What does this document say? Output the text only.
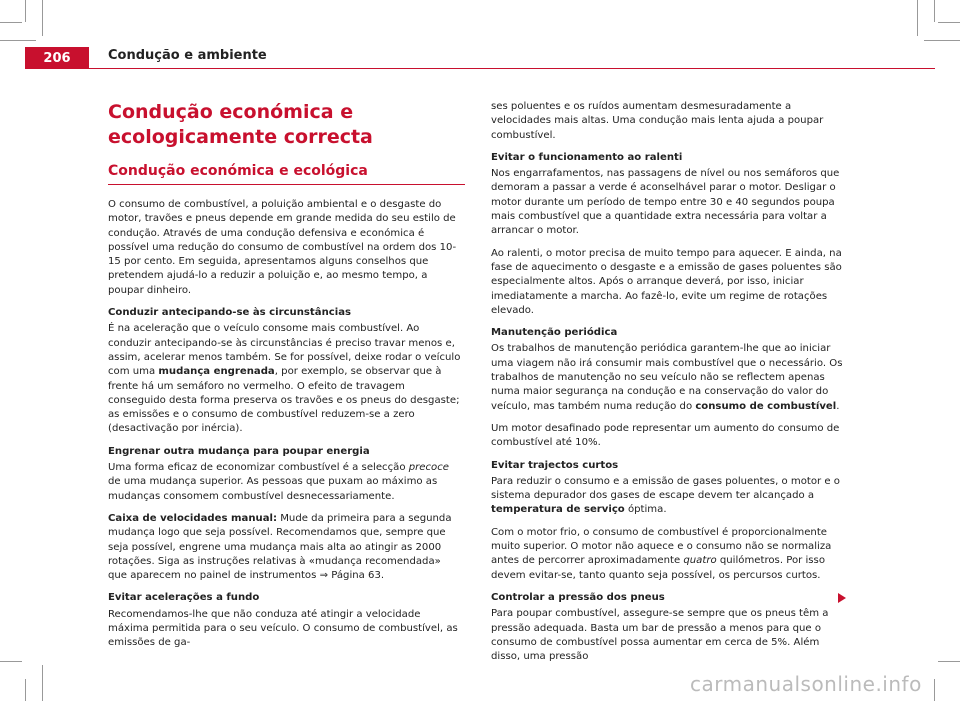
206	Condução e ambiente
Condução económica e ecologicamente correcta
Condução económica e ecológica

O consumo de combustível, a poluição ambiental e o desgaste do motor, travões e pneus depende em grande medida do seu estilo de condução. Através de uma condução defensiva e económica é possível uma redução do consumo de combustível na ordem dos 10-15 por cento. Em seguida, apresentamos alguns conselhos que pretendem ajudá-lo a reduzir a poluição e, ao mesmo tempo, a poupar dinheiro.

Conduzir antecipando-se às circunstâncias

É na aceleração que o veículo consome mais combustível. Ao conduzir antecipando-se às circunstâncias é preciso travar menos e, assim, acelerar menos também. Se for possível, deixe rodar o veículo com uma mudança engrenada, por exemplo, se observar que à frente há um semáforo no vermelho. O efeito de travagem conseguido desta forma preserva os travões e os pneus do desgaste; as emissões e o consumo de combustível reduzem-se a zero (desactivação por inércia).

Engrenar outra mudança para poupar energia

Uma forma eficaz de economizar combustível é a selecção precoce de uma mudança superior. As pessoas que puxam ao máximo as mudanças consomem combustível desnecessariamente.

Caixa de velocidades manual: Mude da primeira para a segunda mudança logo que seja possível. Recomendamos que, sempre que seja possível, engrene uma mudança mais alta ao atingir as 2000 rotações. Siga as instruções relativas à «mudança recomendada» que aparecem no painel de instrumentos ⇒ Página 63.

Evitar acelerações a fundo

Recomendamos-lhe que não conduza até atingir a velocidade máxima permitida para o seu veículo. O consumo de combustível, as emissões de ga-

ses poluentes e os ruídos aumentam desmesuradamente a velocidades mais altas. Uma condução mais lenta ajuda a poupar combustível.

Evitar o funcionamento ao ralenti

Nos engarrafamentos, nas passagens de nível ou nos semáforos que demoram a passar a verde é aconselhável parar o motor. Desligar o motor durante um período de tempo entre 30 e 40 segundos poupa mais combustível que a quantidade extra necessária para voltar a arrancar o motor.

Ao ralenti, o motor precisa de muito tempo para aquecer. E ainda, na fase de aquecimento o desgaste e a emissão de gases poluentes são especialmente altos. Após o arranque deverá, por isso, iniciar imediatamente a marcha. Ao fazê-lo, evite um regime de rotações elevado.

Manutenção periódica

Os trabalhos de manutenção periódica garantem-lhe que ao iniciar uma viagem não irá consumir mais combustível que o necessário. Os trabalhos de manutenção no seu veículo não se reflectem apenas numa maior segurança na condução e na conservação do valor do veículo, mas também numa redução do consumo de combustível.

Um motor desafinado pode representar um aumento do consumo de combustível até 10%.

Evitar trajectos curtos

Para reduzir o consumo e a emissão de gases poluentes, o motor e o sistema depurador dos gases de escape devem ter alcançado a temperatura de serviço óptima.

Com o motor frio, o consumo de combustível é proporcionalmente muito superior. O motor não aquece e o consumo não se normaliza antes de percorrer aproximadamente quatro quilómetros. Por isso devem evitar-se, tanto quanto seja possível, os percursos curtos.

Controlar a pressão dos pneus

Para poupar combustível, assegure-se sempre que os pneus têm a pressão adequada. Basta um bar de pressão a menos para que o consumo de combustível possa aumentar em cerca de 5%. Além disso, uma pressão

carmanualsonline.info
